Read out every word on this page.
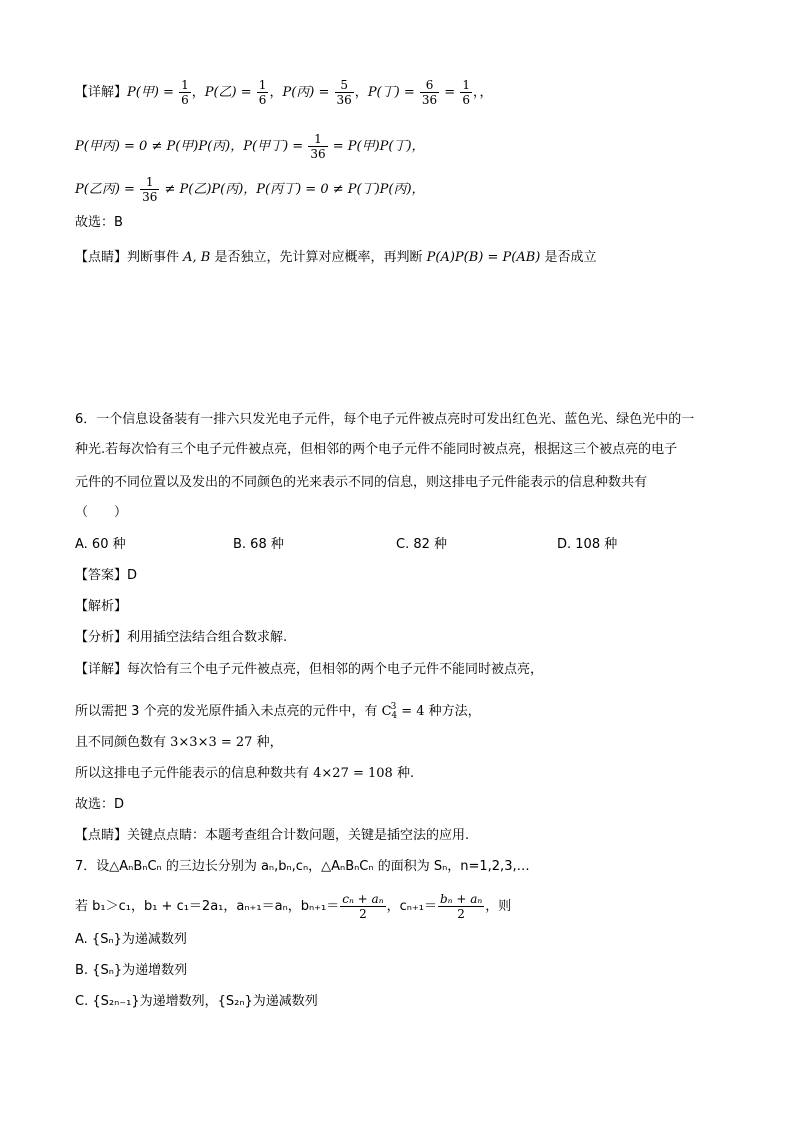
【详解】P(甲) = $\frac{1}{6}$ ，P(乙) = $\frac{1}{6}$ ，P(丙) = $\frac{5}{36}$ ，P(丁) = $\frac{6}{36} = \frac{1}{6}$ ，，
P(甲丙) = 0 ≠ P(甲)P(丙)，P(甲丁) = $\frac{1}{36} = P$(甲)P(丁)，
P(乙丙) = $\frac{1}{36} \ne P$(乙)P(丙)，P(丙丁) = 0 ≠ P(丁)P(丙)，
故选：B
【点睛】判断事件 A, B 是否独立，先计算对应概率，再判断 P(A)P(B) = P(AB) 是否成立
6．一个信息设备装有一排六只发光电子元件，每个电子元件被点亮时可发出红色光、蓝色光、绿色光中的一
种光.若每次恰有三个电子元件被点亮，但相邻的两个电子元件不能同时被点亮，根据这三个被点亮的电子
元件的不同位置以及发出的不同颜色的光来表示不同的信息，则这排电子元件能表示的信息种数共有
（　　）
A. 60 种	B. 68 种	C. 82 种	D. 108 种
【答案】D
【解析】
【分析】利用插空法结合组合数求解.
【详解】每次恰有三个电子元件被点亮，但相邻的两个电子元件不能同时被点亮，
所以需把 3 个亮的发光原件插入未点亮的元件中，有 $C^3_4 = 4$ 种方法，
且不同颜色数有 3×3×3 = 27 种，
所以这排电子元件能表示的信息种数共有 4×27 = 108 种.
故选：D
【点睛】关键点点睛：本题考查组合计数问题，关键是插空法的应用.
7．设△AₙBₙCₙ 的三边长分别为 aₙ,bₙ,cₙ，△AₙBₙCₙ 的面积为 Sₙ，n=1,2,3,…
若 b₁＞c₁，b₁ + c₁＝2a₁，aₙ₊₁＝aₙ，$b_{n+1}= \frac{\text{cₙ + aₙ}}{2}$ ，$c_{n+1}= \frac{\text{bₙ + aₙ}}{2}$ ，则
A. {Sₙ}为递减数列
B. {Sₙ}为递增数列
C. {S₂ₙ₋₁}为递增数列，{S₂ₙ}为递减数列
